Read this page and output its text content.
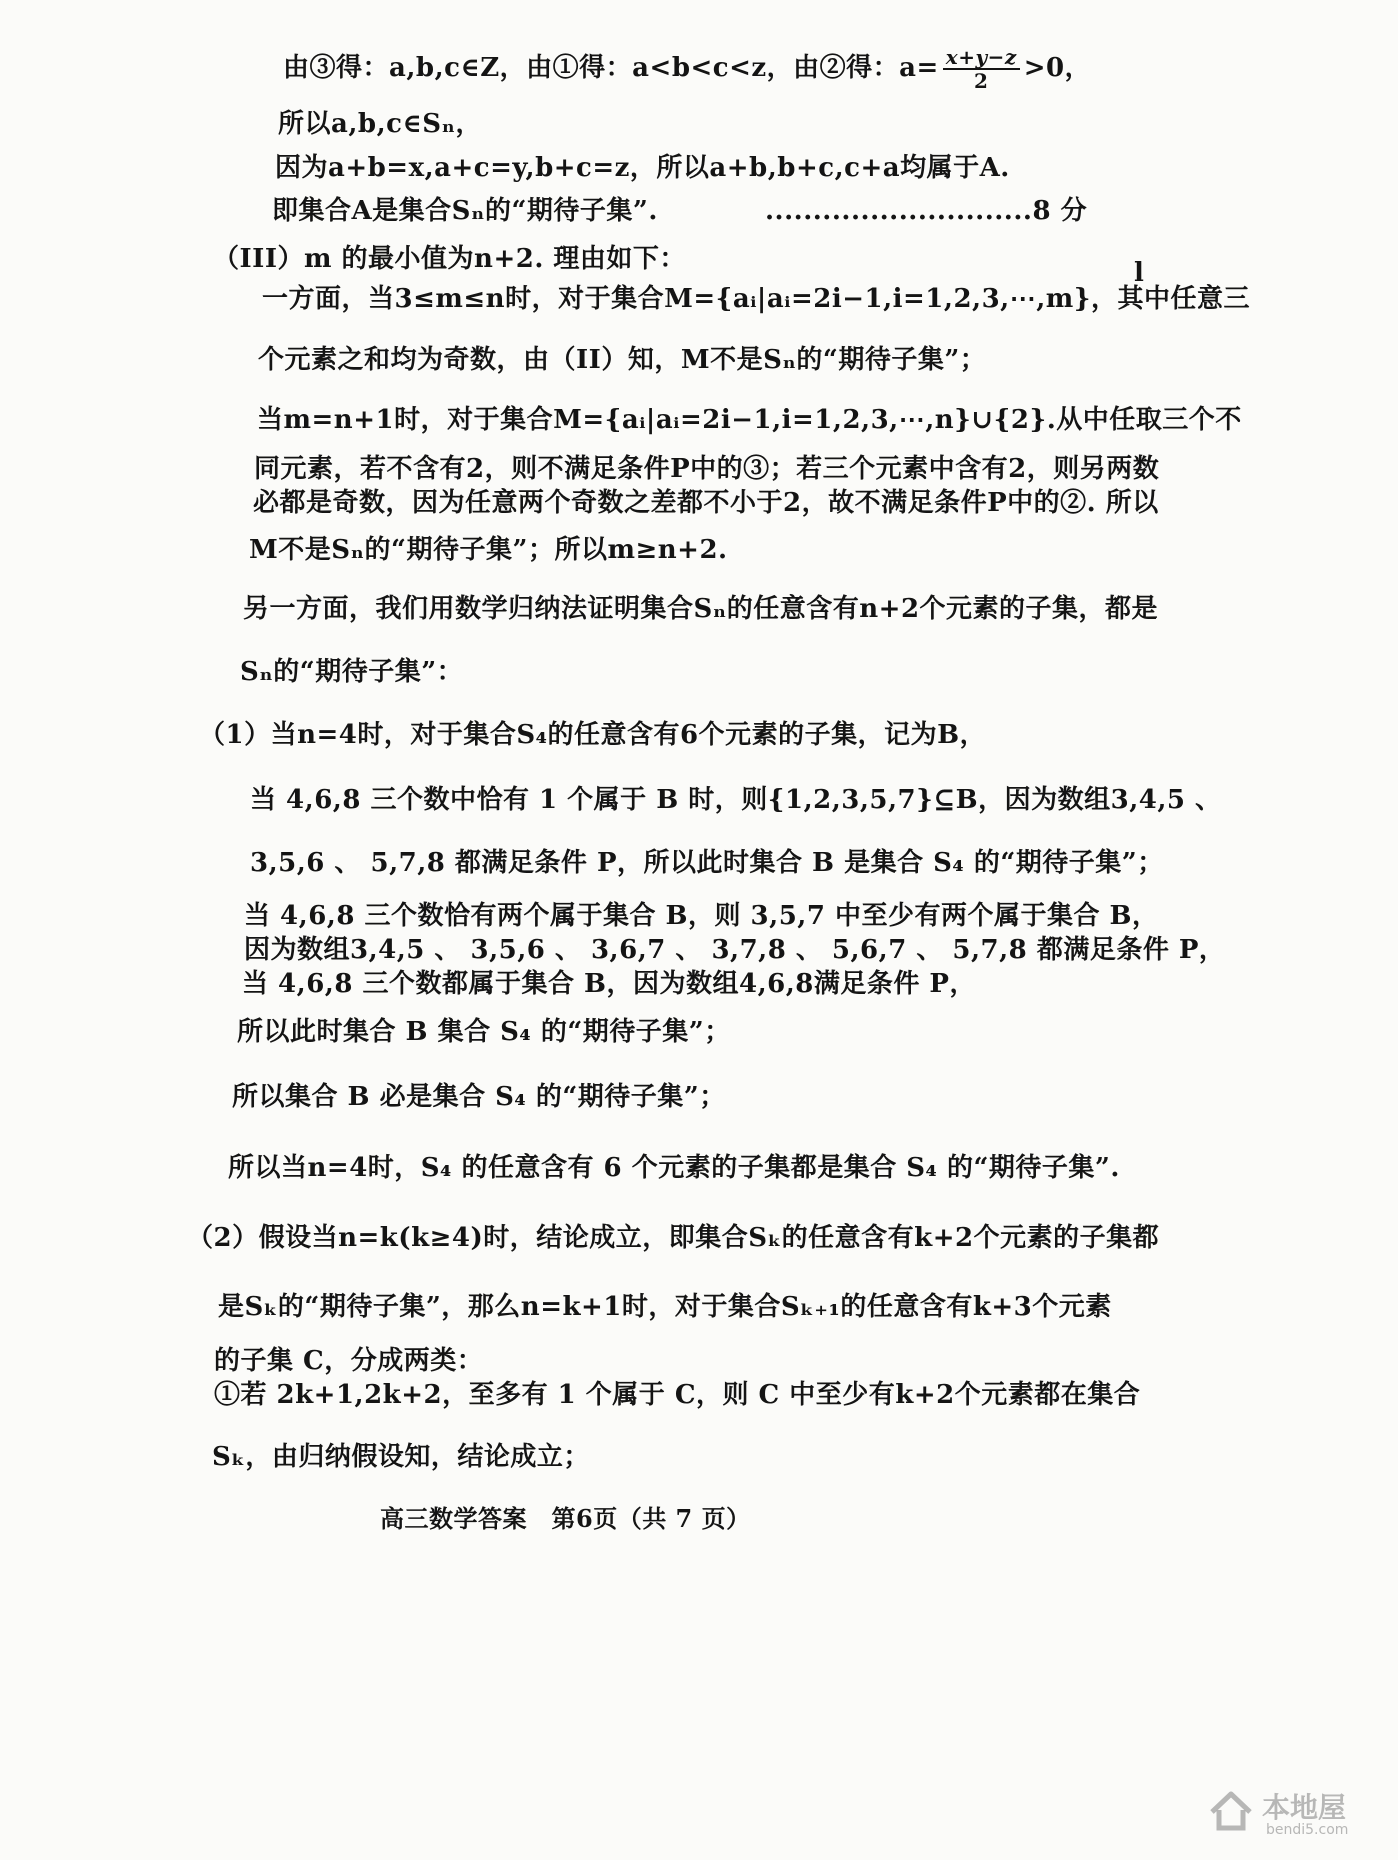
由③得：a,b,c∈Z，由①得：a<b<c<z，由②得：$a= \frac{x+y-z}{2} >0$，
所以a,b,c∈Sₙ，
因为a+b=x,a+c=y,b+c=z，所以a+b,b+c,c+a均属于A.
即集合A是集合Sₙ的“期待子集”.	............................8 分
（III）m 的最小值为n+2. 理由如下：
一方面，当3≤m≤n时，对于集合M={aᵢ|aᵢ=2i−1,i=1,2,3,⋯,m}，其中任意三
l
个元素之和均为奇数，由（II）知，M不是Sₙ的“期待子集”；
当m=n+1时，对于集合M={aᵢ|aᵢ=2i−1,i=1,2,3,⋯,n}∪{2}.从中任取三个不
同元素，若不含有2，则不满足条件P中的③；若三个元素中含有2，则另两数
必都是奇数，因为任意两个奇数之差都不小于2，故不满足条件P中的②. 所以
M不是Sₙ的“期待子集”；所以m≥n+2.
另一方面，我们用数学归纳法证明集合Sₙ的任意含有n+2个元素的子集，都是
Sₙ的“期待子集”：
（1）当n=4时，对于集合S₄的任意含有6个元素的子集，记为B，
当 4,6,8 三个数中恰有 1 个属于 B 时，则{1,2,3,5,7}⊆B，因为数组3,4,5 、
3,5,6 、 5,7,8 都满足条件 P，所以此时集合 B 是集合 S₄ 的“期待子集”；
当 4,6,8 三个数恰有两个属于集合 B，则 3,5,7 中至少有两个属于集合 B，
因为数组3,4,5 、 3,5,6 、 3,6,7 、 3,7,8 、 5,6,7 、 5,7,8 都满足条件 P，
当 4,6,8 三个数都属于集合 B，因为数组4,6,8满足条件 P，
所以此时集合 B 集合 S₄ 的“期待子集”；
所以集合 B 必是集合 S₄ 的“期待子集”；
所以当n=4时，S₄ 的任意含有 6 个元素的子集都是集合 S₄ 的“期待子集”.
（2）假设当n=k(k≥4)时，结论成立，即集合Sₖ的任意含有k+2个元素的子集都
是Sₖ的“期待子集”，那么n=k+1时，对于集合Sₖ₊₁的任意含有k+3个元素
的子集 C，分成两类：
①若 2k+1,2k+2，至多有 1 个属于 C，则 C 中至少有k+2个元素都在集合
Sₖ，由归纳假设知，结论成立；
高三数学答案　第6页（共 7 页）
本地屋
bendi5.com
